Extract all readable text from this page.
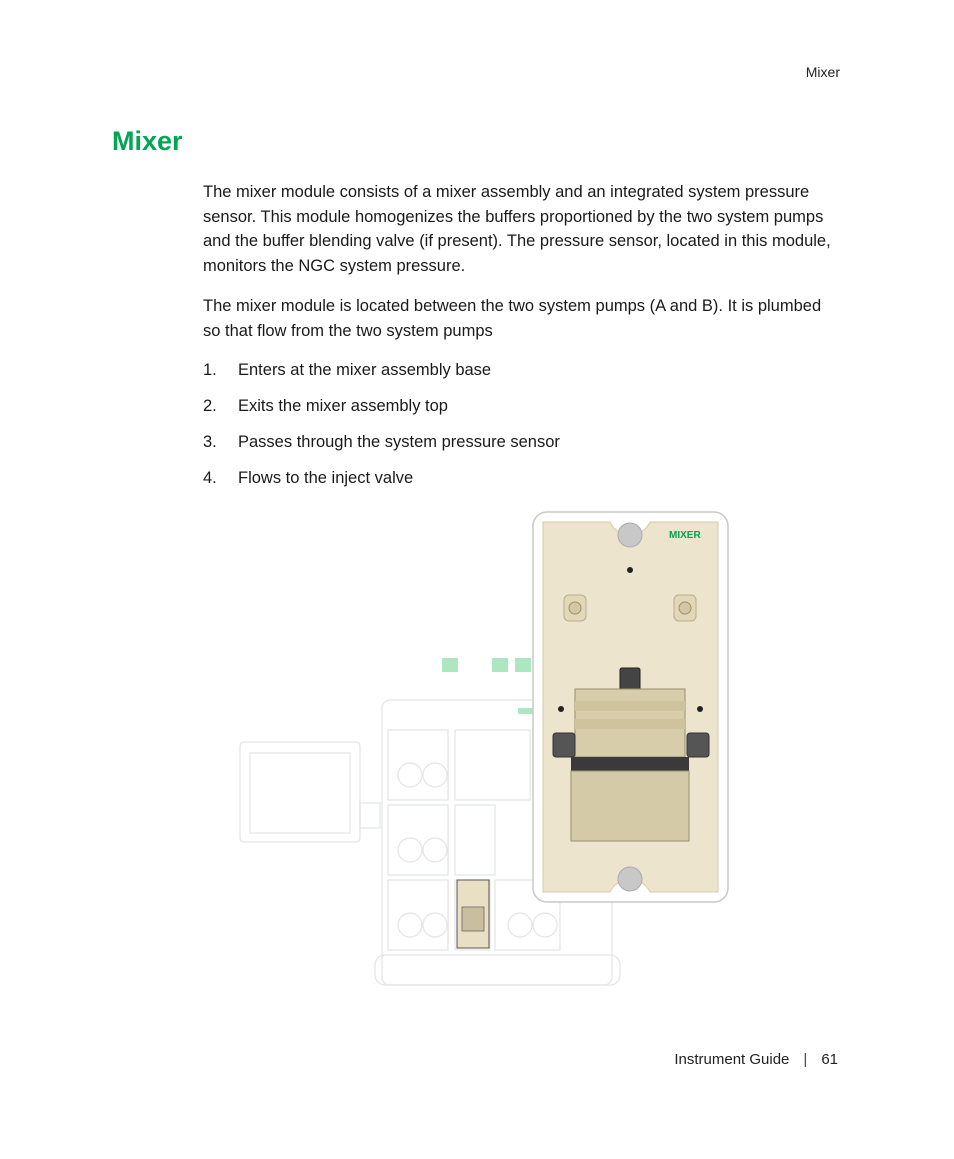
Mixer
Mixer

The mixer module consists of a mixer assembly and an integrated system pressure sensor. This module homogenizes the buffers proportioned by the two system pumps and the buffer blending valve (if present). The pressure sensor, located in this module, monitors the NGC system pressure.

The mixer module is located between the two system pumps (A and B). It is plumbed so that flow from the two system pumps

1.	Enters at the mixer assembly base
2.	Exits the mixer assembly top
3.	Passes through the system pressure sensor
4.	Flows to the inject valve
MIXER
Instrument Guide | 61
